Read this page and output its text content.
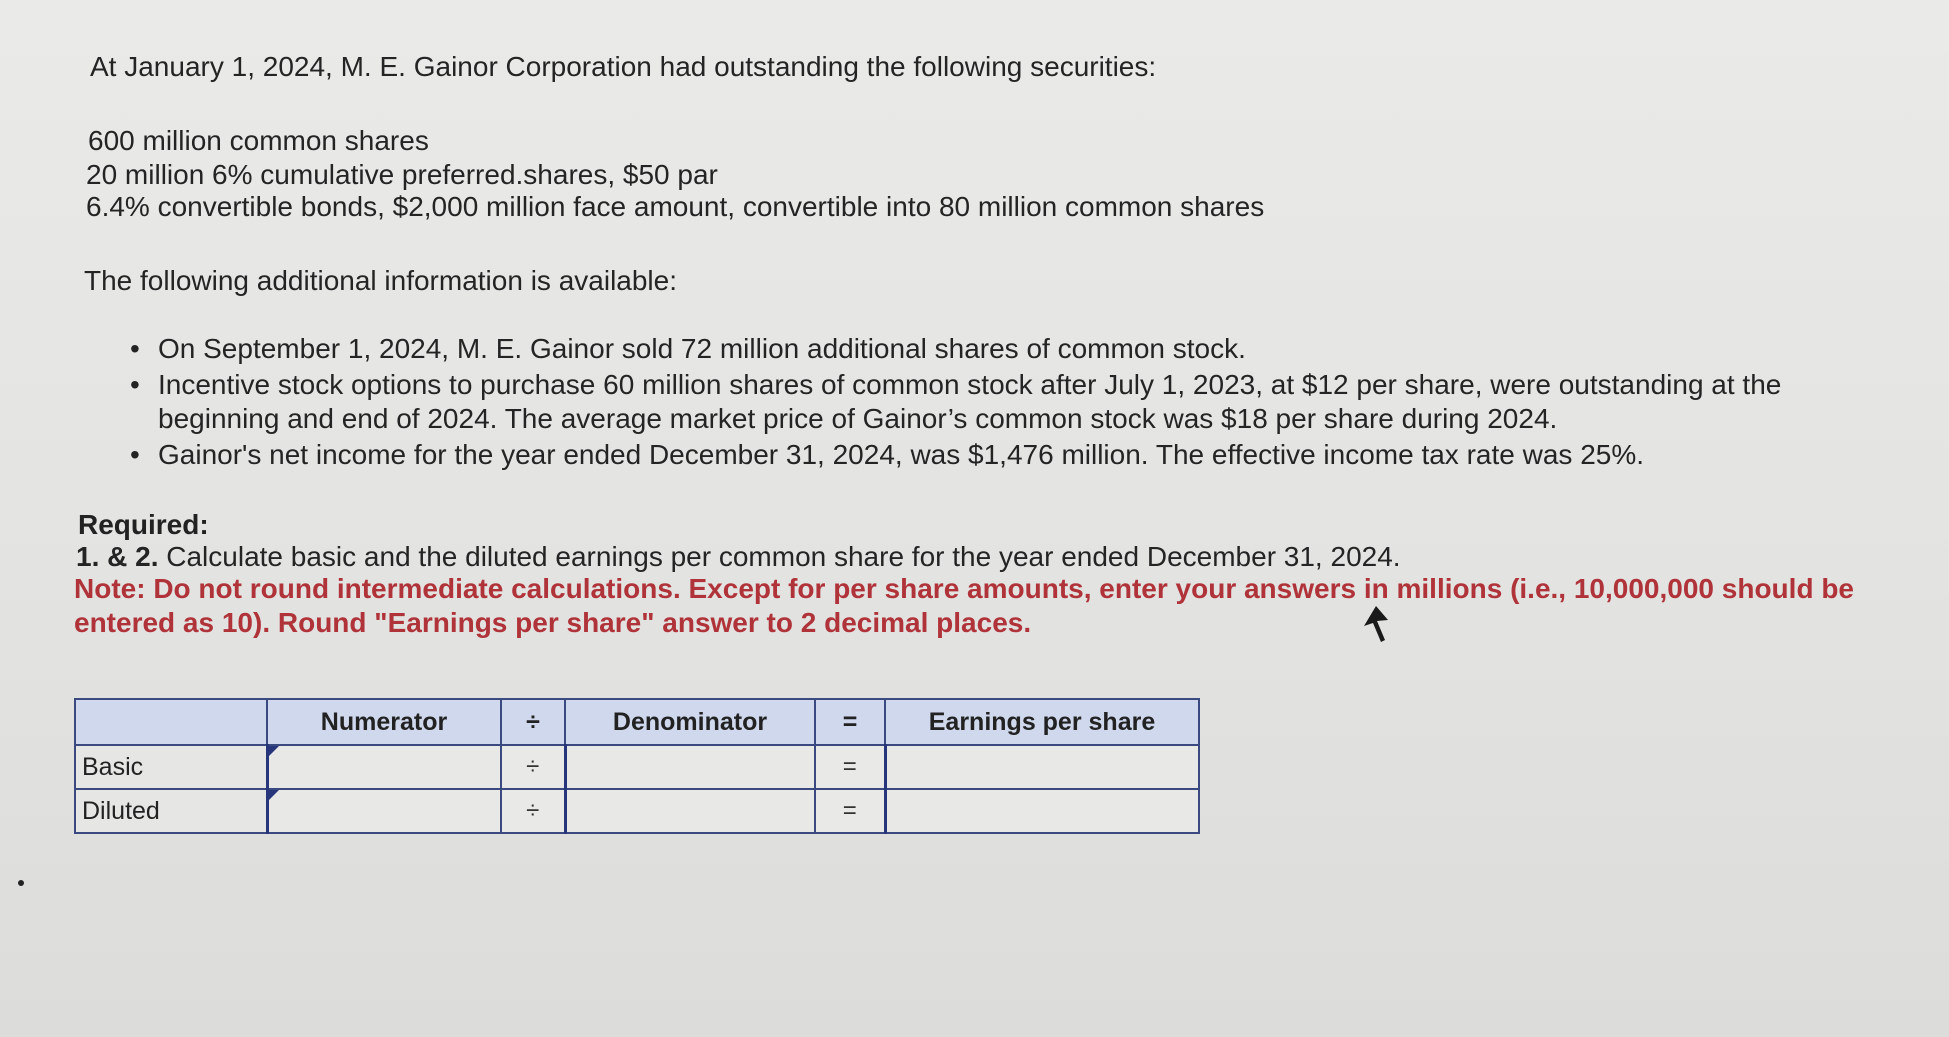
At January 1, 2024, M. E. Gainor Corporation had outstanding the following securities:

600 million common shares

20 million 6% cumulative preferred.shares, $50 par

6.4% convertible bonds, $2,000 million face amount, convertible into 80 million common shares

The following additional information is available:

• On September 1, 2024, M. E. Gainor sold 72 million additional shares of common stock.
• Incentive stock options to purchase 60 million shares of common stock after July 1, 2023, at $12 per share, were outstanding at the beginning and end of 2024. The average market price of Gainor’s common stock was $18 per share during 2024.
• Gainor's net income for the year ended December 31, 2024, was $1,476 million. The effective income tax rate was 25%.
Required:
1. & 2. Calculate basic and the diluted earnings per common share for the year ended December 31, 2024.
Note: Do not round intermediate calculations. Except for per share amounts, enter your answers in millions (i.e., 10,000,000 should be entered as 10). Round "Earnings per share" answer to 2 decimal places.
	Numerator	÷	Denominator	=	Earnings per share
Basic		÷		=	
Diluted		÷		=	
